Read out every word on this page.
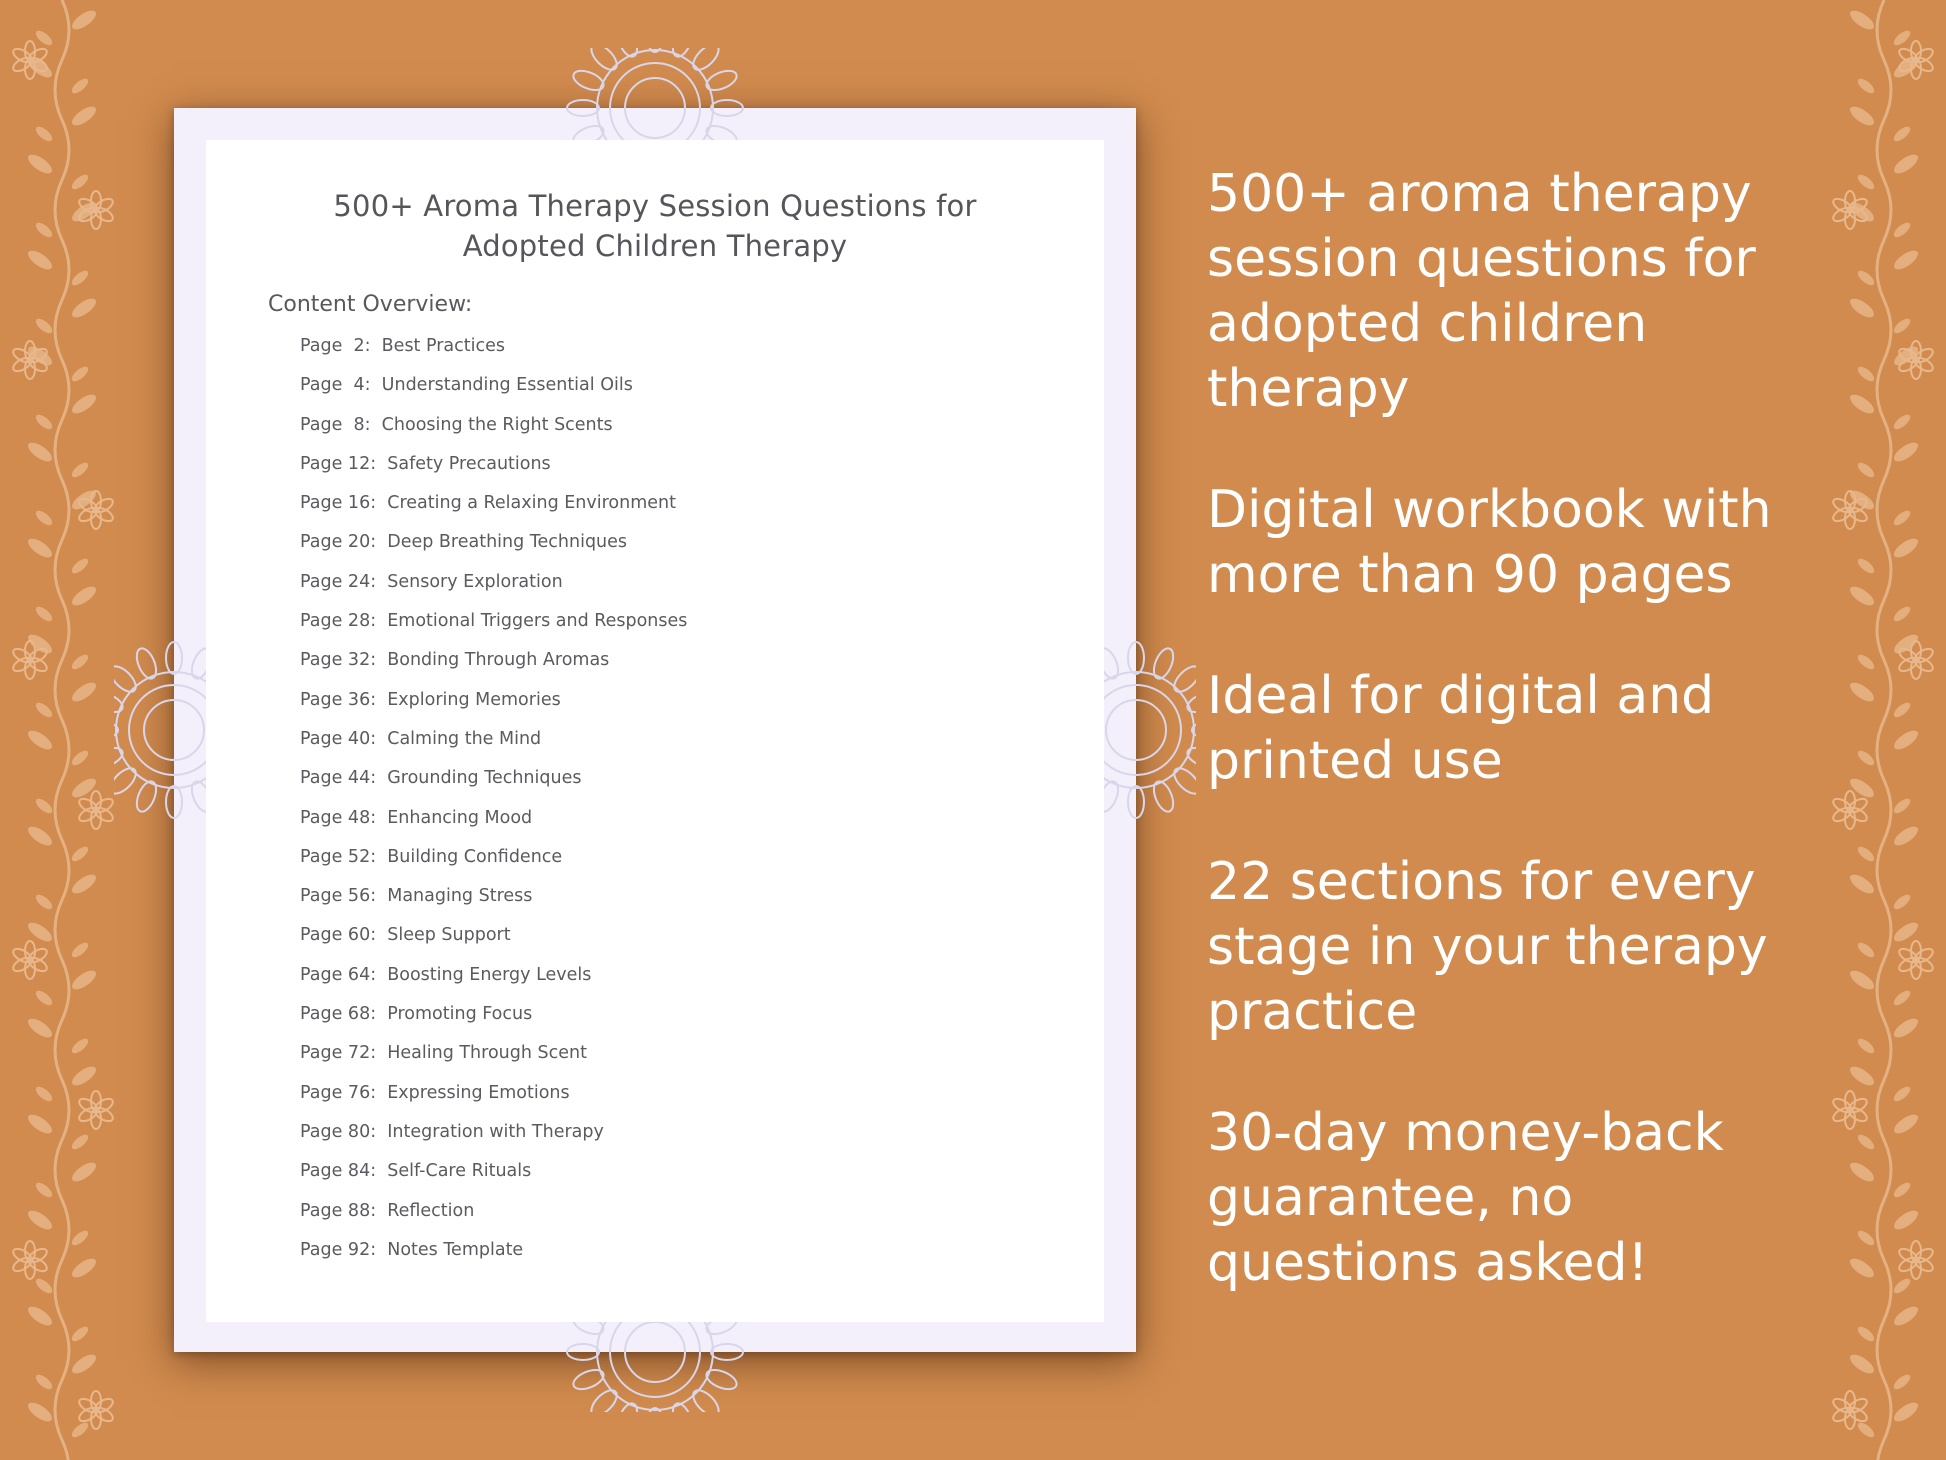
500+ Aroma Therapy Session Questions for
Adopted Children Therapy
Content Overview:
Page  2: Best Practices
Page  4: Understanding Essential Oils
Page  8: Choosing the Right Scents
Page 12: Safety Precautions
Page 16: Creating a Relaxing Environment
Page 20: Deep Breathing Techniques
Page 24: Sensory Exploration
Page 28: Emotional Triggers and Responses
Page 32: Bonding Through Aromas
Page 36: Exploring Memories
Page 40: Calming the Mind
Page 44: Grounding Techniques
Page 48: Enhancing Mood
Page 52: Building Confidence
Page 56: Managing Stress
Page 60: Sleep Support
Page 64: Boosting Energy Levels
Page 68: Promoting Focus
Page 72: Healing Through Scent
Page 76: Expressing Emotions
Page 80: Integration with Therapy
Page 84: Self-Care Rituals
Page 88: Reflection
Page 92: Notes Template
500+ aroma therapy
session questions for
adopted children
therapy
Digital workbook with
more than 90 pages
Ideal for digital and
printed use
22 sections for every
stage in your therapy
practice
30-day money-back
guarantee, no
questions asked!
